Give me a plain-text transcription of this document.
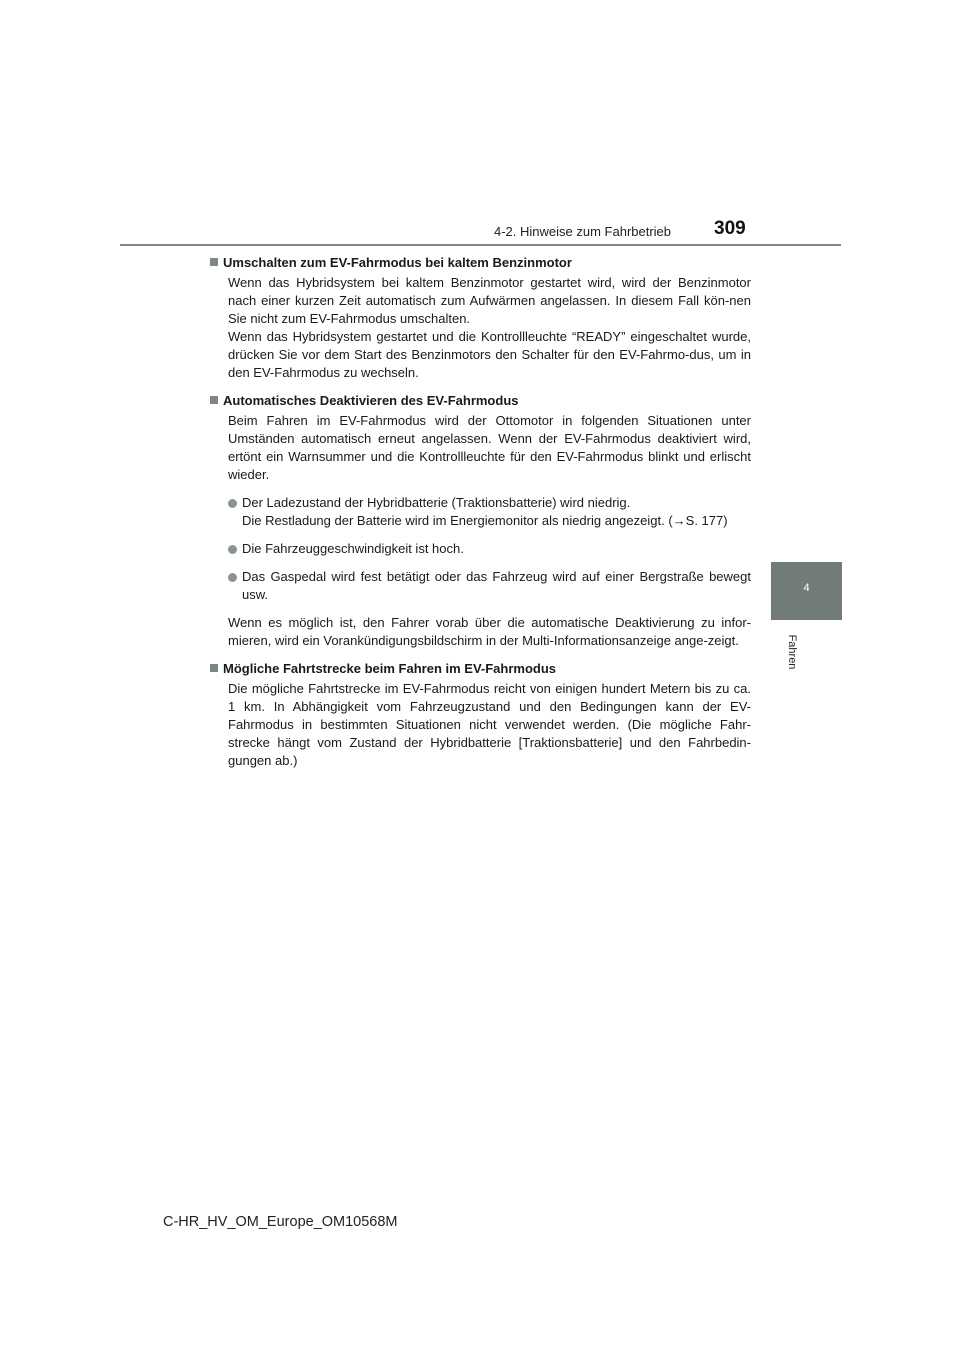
4-2. Hinweise zum Fahrbetrieb 309
4
Fahren
Umschalten zum EV-Fahrmodus bei kaltem Benzinmotor
Wenn das Hybridsystem bei kaltem Benzinmotor gestartet wird, wird der Benzinmotor nach einer kurzen Zeit automatisch zum Aufwärmen angelassen. In diesem Fall kön-nen Sie nicht zum EV-Fahrmodus umschalten.
Wenn das Hybridsystem gestartet und die Kontrollleuchte “READY” eingeschaltet wurde, drücken Sie vor dem Start des Benzinmotors den Schalter für den EV-Fahrmo-dus, um in den EV-Fahrmodus zu wechseln.
Automatisches Deaktivieren des EV-Fahrmodus
Beim Fahren im EV-Fahrmodus wird der Ottomotor in folgenden Situationen unter Umständen automatisch erneut angelassen. Wenn der EV-Fahrmodus deaktiviert wird, ertönt ein Warnsummer und die Kontrollleuchte für den EV-Fahrmodus blinkt und erlischt wieder.
Der Ladezustand der Hybridbatterie (Traktionsbatterie) wird niedrig.
Die Restladung der Batterie wird im Energiemonitor als niedrig angezeigt. (→S. 177)
Die Fahrzeuggeschwindigkeit ist hoch.
Das Gaspedal wird fest betätigt oder das Fahrzeug wird auf einer Bergstraße bewegt usw.
Wenn es möglich ist, den Fahrer vorab über die automatische Deaktivierung zu infor-mieren, wird ein Vorankündigungsbildschirm in der Multi-Informationsanzeige ange-zeigt.
Mögliche Fahrtstrecke beim Fahren im EV-Fahrmodus
Die mögliche Fahrtstrecke im EV-Fahrmodus reicht von einigen hundert Metern bis zu ca. 1 km. In Abhängigkeit vom Fahrzeugzustand und den Bedingungen kann der EV-Fahrmodus in bestimmten Situationen nicht verwendet werden. (Die mögliche Fahr-strecke hängt vom Zustand der Hybridbatterie [Traktionsbatterie] und den Fahrbedin-gungen ab.)
C-HR_HV_OM_Europe_OM10568M
